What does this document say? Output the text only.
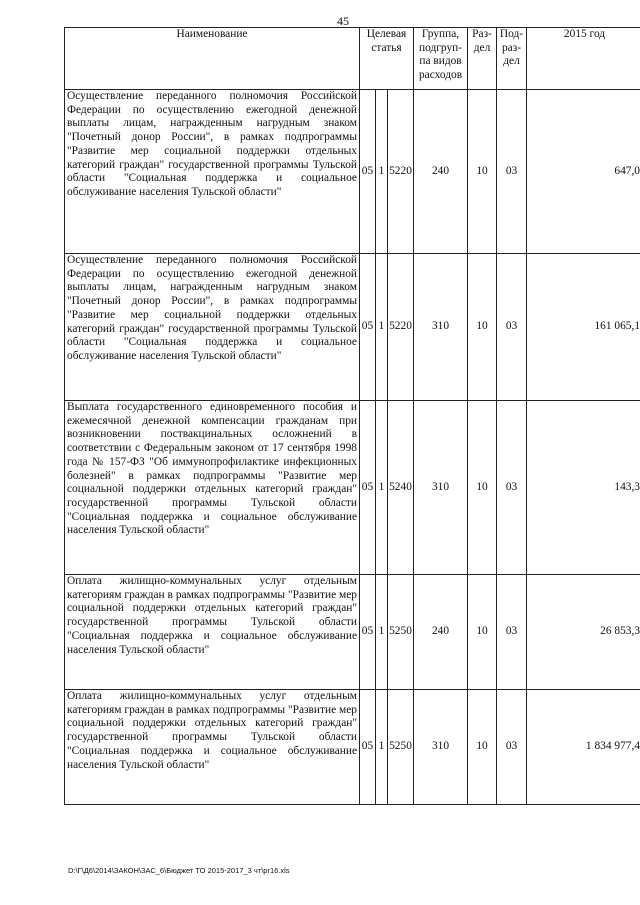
45
Наименование	Целевая статья			Группа, подгруп-па видов расходов	Раз-дел	Под-раз-дел	2015 год
Осуществление переданного полномочия Российской Федерации по осуществлению ежегодной денежной выплаты лицам, награжденным нагрудным знаком "Почетный донор России", в рамках подпрограммы "Развитие мер социальной поддержки отдельных категорий граждан" государственной программы Тульской области "Социальная поддержка и социальное обслуживание населения Тульской области"	05	1	5220	240	10	03	647,0
Осуществление переданного полномочия Российской Федерации по осуществлению ежегодной денежной выплаты лицам, награжденным нагрудным знаком "Почетный донор России", в рамках подпрограммы "Развитие мер социальной поддержки отдельных категорий граждан" государственной программы Тульской области "Социальная поддержка и социальное обслуживание населения Тульской области"	05	1	5220	310	10	03	161 065,1
Выплата государственного единовременного пособия и ежемесячной денежной компенсации гражданам при возникновении поствакцинальных осложнений в соответствии с Федеральным законом от 17 сентября 1998 года № 157-ФЗ "Об иммунопрофилактике инфекционных болезней" в рамках подпрограммы "Развитие мер социальной поддержки отдельных категорий граждан" государственной программы Тульской области "Социальная поддержка и социальное обслуживание населения Тульской области"	05	1	5240	310	10	03	143,3
Оплата жилищно-коммунальных услуг отдельным категориям граждан в рамках подпрограммы "Развитие мер социальной поддержки отдельных категорий граждан" государственной программы Тульской области "Социальная поддержка и социальное обслуживание населения Тульской области"	05	1	5250	240	10	03	26 853,3
Оплата жилищно-коммунальных услуг отдельным категориям граждан в рамках подпрограммы "Развитие мер социальной поддержки отдельных категорий граждан" государственной программы Тульской области "Социальная поддержка и социальное обслуживание населения Тульской области"	05	1	5250	310	10	03	1 834 977,4
D:\Г\Д6\2014\ЗАКОН\ЗАС_6\Бюджет ТО 2015-2017_3 чт\pr16.xls
